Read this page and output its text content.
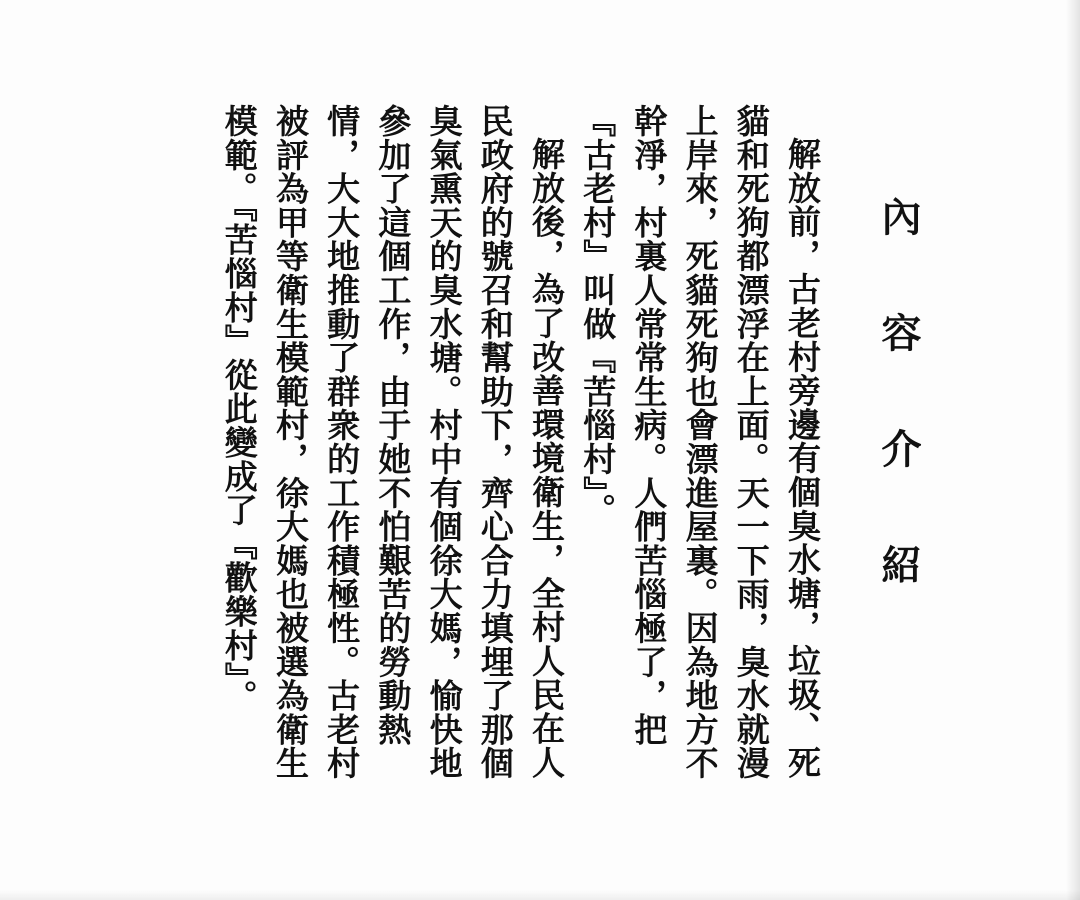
內 容 介 紹

解放前，古老村旁邊有個臭水塘，垃圾、死貓和死狗都漂浮在上面。天一下雨，臭水就漫上岸來，死貓死狗也會漂進屋裏。因為地方不幹淨，村裏人常常生病。人們苦惱極了，把『古老村』叫做『苦惱村』。

解放後，為了改善環境衛生，全村人民在人民政府的號召和幫助下，齊心合力填埋了那個臭氣熏天的臭水塘。村中有個徐大媽，愉快地參加了這個工作，由于她不怕艱苦的勞動熱情，大大地推動了群衆的工作積極性。古老村被評為甲等衛生模範村，徐大媽也被選為衛生模範。『苦惱村』從此變成了『歡樂村』。
